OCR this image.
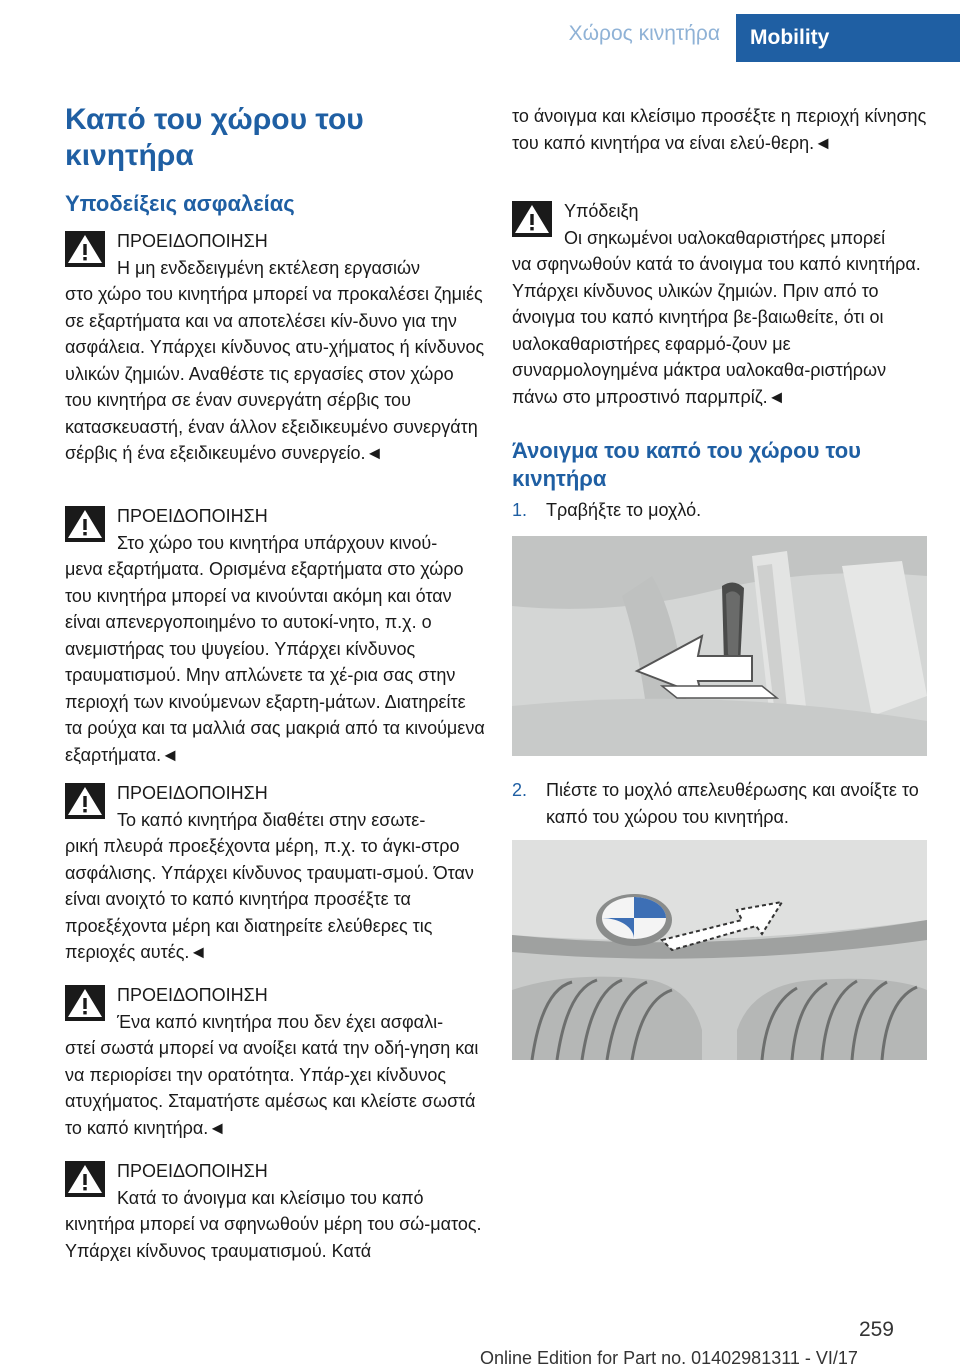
Χώρος κινητήρα	Mobility
Καπό του χώρου του κινητήρα
Υποδείξεις ασφαλείας
ΠΡΟΕΙΔΟΠΟΙΗΣΗ
Η μη ενδεδειγμένη εκτέλεση εργασιών
στο χώρο του κινητήρα μπορεί να προκαλέσει ζημιές σε εξαρτήματα και να αποτελέσει κίν-δυνο για την ασφάλεια. Υπάρχει κίνδυνος ατυ-χήματος ή κίνδυνος υλικών ζημιών. Αναθέστε τις εργασίες στον χώρο του κινητήρα σε έναν συνεργάτη σέρβις του κατασκευαστή, έναν άλλον εξειδικευμένο συνεργάτη σέρβις ή ένα εξειδικευμένο συνεργείο.◄
ΠΡΟΕΙΔΟΠΟΙΗΣΗ
Στο χώρο του κινητήρα υπάρχουν κινού-
μενα εξαρτήματα. Ορισμένα εξαρτήματα στο χώρο του κινητήρα μπορεί να κινούνται ακόμη και όταν είναι απενεργοποιημένο το αυτοκί-νητο, π.χ. ο ανεμιστήρας του ψυγείου. Υπάρχει κίνδυνος τραυματισμού. Μην απλώνετε τα χέ-ρια σας στην περιοχή των κινούμενων εξαρτη-μάτων. Διατηρείτε τα ρούχα και τα μαλλιά σας μακριά από τα κινούμενα εξαρτήματα.◄
ΠΡΟΕΙΔΟΠΟΙΗΣΗ
Το καπό κινητήρα διαθέτει στην εσωτε-
ρική πλευρά προεξέχοντα μέρη, π.χ. το άγκι-στρο ασφάλισης. Υπάρχει κίνδυνος τραυματι-σμού. Όταν είναι ανοιχτό το καπό κινητήρα προσέξτε τα προεξέχοντα μέρη και διατηρείτε ελεύθερες τις περιοχές αυτές.◄
ΠΡΟΕΙΔΟΠΟΙΗΣΗ
Ένα καπό κινητήρα που δεν έχει ασφαλι-
στεί σωστά μπορεί να ανοίξει κατά την οδή-γηση και να περιορίσει την ορατότητα. Υπάρ-χει κίνδυνος ατυχήματος. Σταματήστε αμέσως και κλείστε σωστά το καπό κινητήρα.◄
ΠΡΟΕΙΔΟΠΟΙΗΣΗ
Κατά το άνοιγμα και κλείσιμο του καπό
κινητήρα μπορεί να σφηνωθούν μέρη του σώ-ματος. Υπάρχει κίνδυνος τραυματισμού. Κατά
το άνοιγμα και κλείσιμο προσέξτε η περιοχή κίνησης του καπό κινητήρα να είναι ελεύ-θερη.◄
Υπόδειξη
Οι σηκωμένοι υαλοκαθαριστήρες μπορεί
να σφηνωθούν κατά το άνοιγμα του καπό κινητήρα. Υπάρχει κίνδυνος υλικών ζημιών. Πριν από το άνοιγμα του καπό κινητήρα βε-βαιωθείτε, ότι οι υαλοκαθαριστήρες εφαρμό-ζουν με συναρμολογημένα μάκτρα υαλοκαθα-ριστήρων πάνω στο μπροστινό παρμπρίζ.◄
Άνοιγμα του καπό του χώρου του κινητήρα
1.	Τραβήξτε το μοχλό.
2.	Πιέστε το μοχλό απελευθέρωσης και ανοίξτε το καπό του χώρου του κινητήρα.
259
Online Edition for Part no. 01402981311 - VI/17
